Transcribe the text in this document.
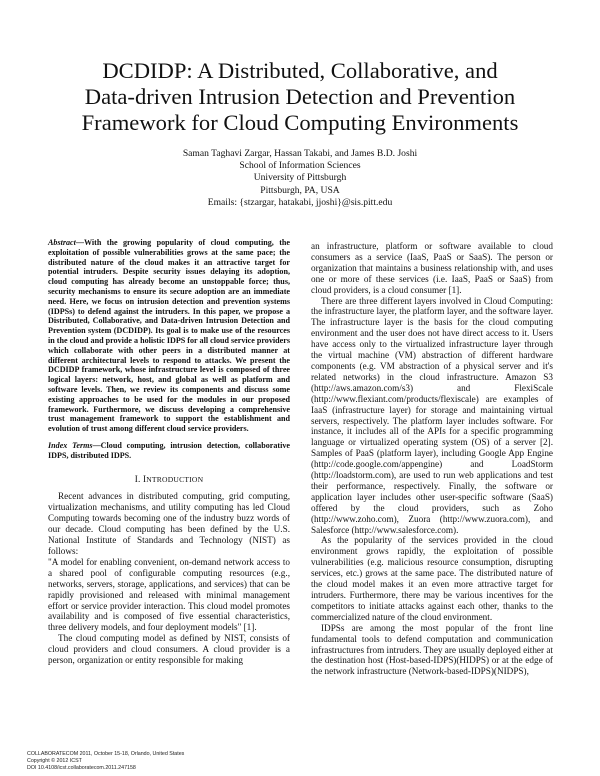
DCDIDP: A Distributed, Collaborative, and
Data-driven Intrusion Detection and Prevention
Framework for Cloud Computing Environments
Saman Taghavi Zargar, Hassan Takabi, and James B.D. Joshi
School of Information Sciences
University of Pittsburgh
Pittsburgh, PA, USA
Emails: {stzargar, hatakabi, jjoshi}@sis.pitt.edu
Abstract—With the growing popularity of cloud computing, the exploitation of possible vulnerabilities grows at the same pace; the distributed nature of the cloud makes it an attractive target for potential intruders. Despite security issues delaying its adoption, cloud computing has already become an unstoppable force; thus, security mechanisms to ensure its secure adoption are an immediate need. Here, we focus on intrusion detection and prevention systems (IDPSs) to defend against the intruders. In this paper, we propose a Distributed, Collaborative, and Data-driven Intrusion Detection and Prevention system (DCDIDP). Its goal is to make use of the resources in the cloud and provide a holistic IDPS for all cloud service providers which collaborate with other peers in a distributed manner at different architectural levels to respond to attacks. We present the DCDIDP framework, whose infrastructure level is composed of three logical layers: network, host, and global as well as platform and software levels. Then, we review its components and discuss some existing approaches to be used for the modules in our proposed framework. Furthermore, we discuss developing a comprehensive trust management framework to support the establishment and evolution of trust among different cloud service providers.
Index Terms—Cloud computing, intrusion detection, collaborative IDPS, distributed IDPS.
I. INTRODUCTION

Recent advances in distributed computing, grid computing, virtualization mechanisms, and utility computing has led Cloud Computing towards becoming one of the industry buzz words of our decade. Cloud computing has been defined by the U.S. National Institute of Standards and Technology (NIST) as follows:

"A model for enabling convenient, on-demand network access to a shared pool of configurable computing resources (e.g., networks, servers, storage, applications, and services) that can be rapidly provisioned and released with minimal management effort or service provider interaction. This cloud model promotes availability and is composed of five essential characteristics, three delivery models, and four deployment models" [1].

The cloud computing model as defined by NIST, consists of cloud providers and cloud consumers. A cloud provider is a person, organization or entity responsible for making

an infrastructure, platform or software available to cloud consumers as a service (IaaS, PaaS or SaaS). The person or organization that maintains a business relationship with, and uses one or more of these services (i.e. IaaS, PaaS or SaaS) from cloud providers, is a cloud consumer [1].

There are three different layers involved in Cloud Computing: the infrastructure layer, the platform layer, and the software layer. The infrastructure layer is the basis for the cloud computing environment and the user does not have direct access to it. Users have access only to the virtualized infrastructure layer through the virtual machine (VM) abstraction of different hardware components (e.g. VM abstraction of a physical server and it's related networks) in the cloud infrastructure. Amazon S3 (http://aws.amazon.com/s3) and FlexiScale (http://www.flexiant.com/products/flexiscale) are examples of IaaS (infrastructure layer) for storage and maintaining virtual servers, respectively. The platform layer includes software. For instance, it includes all of the APIs for a specific programming language or virtualized operating system (OS) of a server [2]. Samples of PaaS (platform layer), including Google App Engine (http://code.google.com/appengine) and LoadStorm (http://loadstorm.com), are used to run web applications and test their performance, respectively. Finally, the software or application layer includes other user-specific software (SaaS) offered by the cloud providers, such as Zoho (http://www.zoho.com), Zuora (http://www.zuora.com), and Salesforce (http://www.salesforce.com).

As the popularity of the services provided in the cloud environment grows rapidly, the exploitation of possible vulnerabilities (e.g. malicious resource consumption, disrupting services, etc.) grows at the same pace. The distributed nature of the cloud model makes it an even more attractive target for intruders. Furthermore, there may be various incentives for the competitors to initiate attacks against each other, thanks to the commercialized nature of the cloud environment.

IDPSs are among the most popular of the front line fundamental tools to defend computation and communication infrastructures from intruders. They are usually deployed either at the destination host (Host-based-IDPS)(HIDPS) or at the edge of the network infrastructure (Network-based-IDPS)(NIDPS),

COLLABORATECOM 2011, October 15-18, Orlando, United States
Copyright © 2012 ICST
DOI 10.4108/icst.collaboratecom.2011.247158
